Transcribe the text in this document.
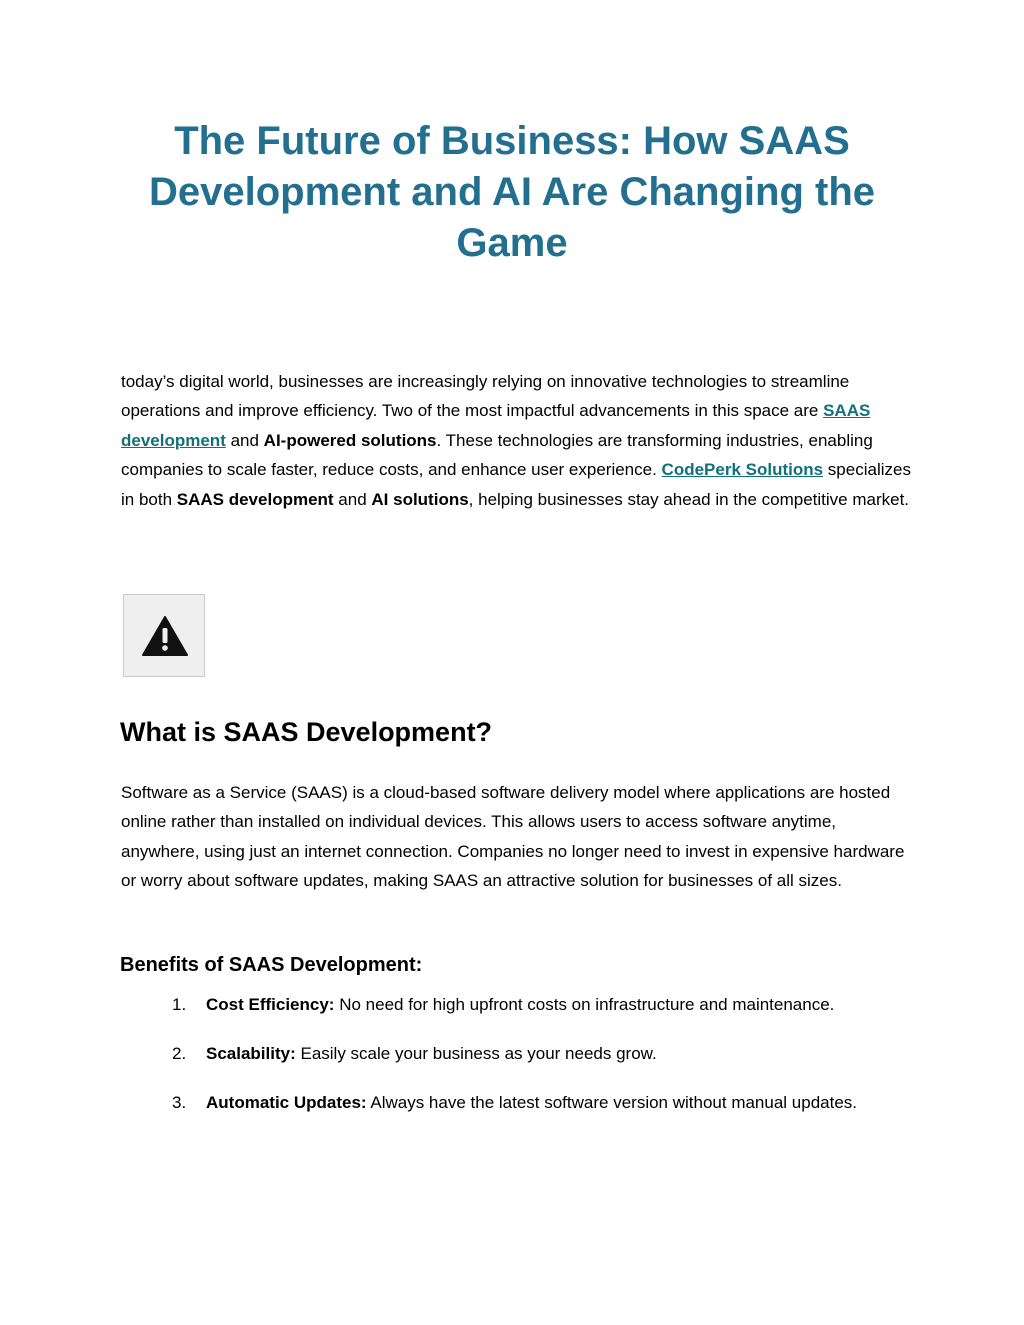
The Future of Business: How SAAS Development and AI Are Changing the Game

today’s digital world, businesses are increasingly relying on innovative technologies to streamline operations and improve efficiency. Two of the most impactful advancements in this space are SAAS development and AI-powered solutions. These technologies are transforming industries, enabling companies to scale faster, reduce costs, and enhance user experience. CodePerk Solutions specializes in both SAAS development and AI solutions, helping businesses stay ahead in the competitive market.

What is SAAS Development?

Software as a Service (SAAS) is a cloud-based software delivery model where applications are hosted online rather than installed on individual devices. This allows users to access software anytime, anywhere, using just an internet connection. Companies no longer need to invest in expensive hardware or worry about software updates, making SAAS an attractive solution for businesses of all sizes.

Benefits of SAAS Development:
1.	Cost Efficiency: No need for high upfront costs on infrastructure and maintenance.
2.	Scalability: Easily scale your business as your needs grow.
3.	Automatic Updates: Always have the latest software version without manual updates.
